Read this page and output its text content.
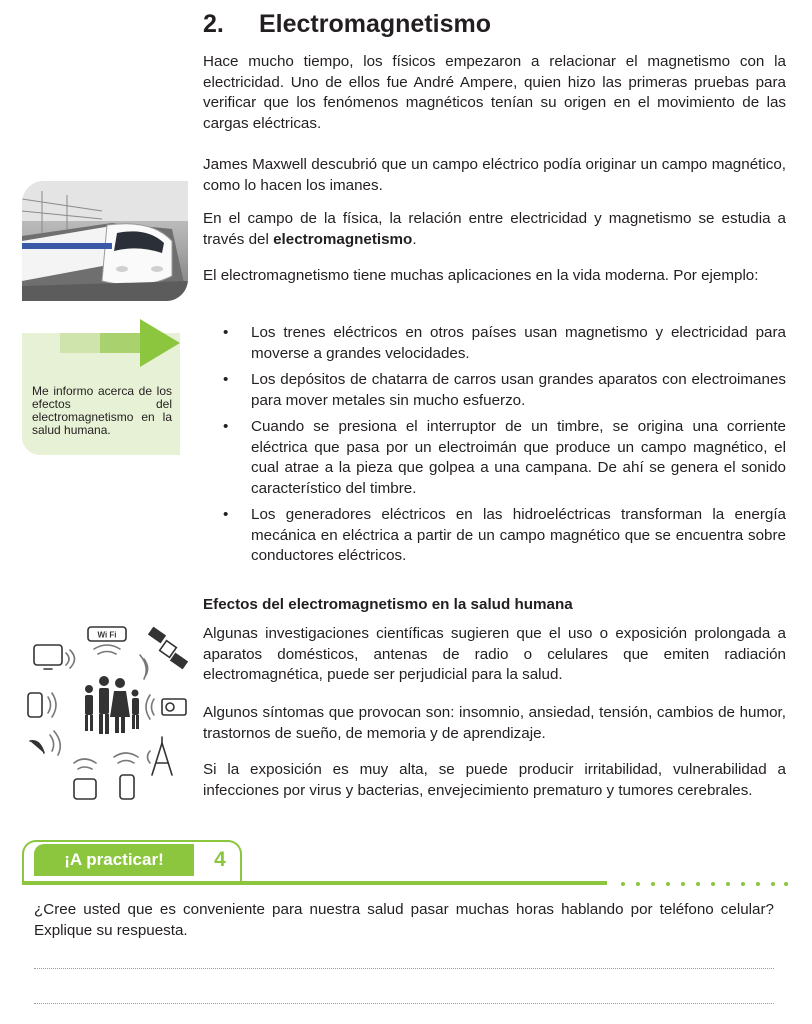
2. Electromagnetismo

Hace mucho tiempo, los físicos empezaron a relacionar el magnetismo con la electricidad. Uno de ellos fue André Ampere, quien hizo las primeras pruebas para verificar que los fenómenos magnéticos tenían su origen en el movimiento de las cargas eléctricas.

James Maxwell descubrió que un campo eléctrico podía originar un campo magnético, como lo hacen los imanes.

En el campo de la física, la relación entre electricidad y magnetismo se estudia a través del electromagnetismo.

El electromagnetismo tiene muchas aplicaciones en la vida moderna. Por ejemplo:

• Los trenes eléctricos en otros países usan magnetismo y electricidad para moverse a grandes velocidades.
• Los depósitos de chatarra de carros usan grandes aparatos con electroimanes para mover metales sin mucho esfuerzo.
• Cuando se presiona el interruptor de un timbre, se origina una corriente eléctrica que pasa por un electroimán que produce un campo magnético, el cual atrae a la pieza que golpea a una campana. De ahí se genera el sonido característico del timbre.
• Los generadores eléctricos en las hidroeléctricas transforman la energía mecánica en eléctrica a partir de un campo magnético que se encuentra sobre conductores eléctricos.

Me informo acerca de los efectos del electromagnetismo en la salud humana.

Efectos del electromagnetismo en la salud humana

Algunas investigaciones científicas sugieren que el uso o exposición prolongada a aparatos domésticos, antenas de radio o celulares que emiten radiación electromagnética, puede ser perjudicial para la salud.

Algunos síntomas que provocan son: insomnio, ansiedad, tensión, cambios de humor, trastornos de sueño, de memoria y de aprendizaje.

Si la exposición es muy alta, se puede producir irritabilidad, vulnerabilidad a infecciones por virus y bacterias, envejecimiento prematuro y tumores cerebrales.

Wi Fi
¡A practicar!	4

¿Cree usted que es conveniente para nuestra salud pasar muchas horas hablando por teléfono celular? Explique su respuesta.
